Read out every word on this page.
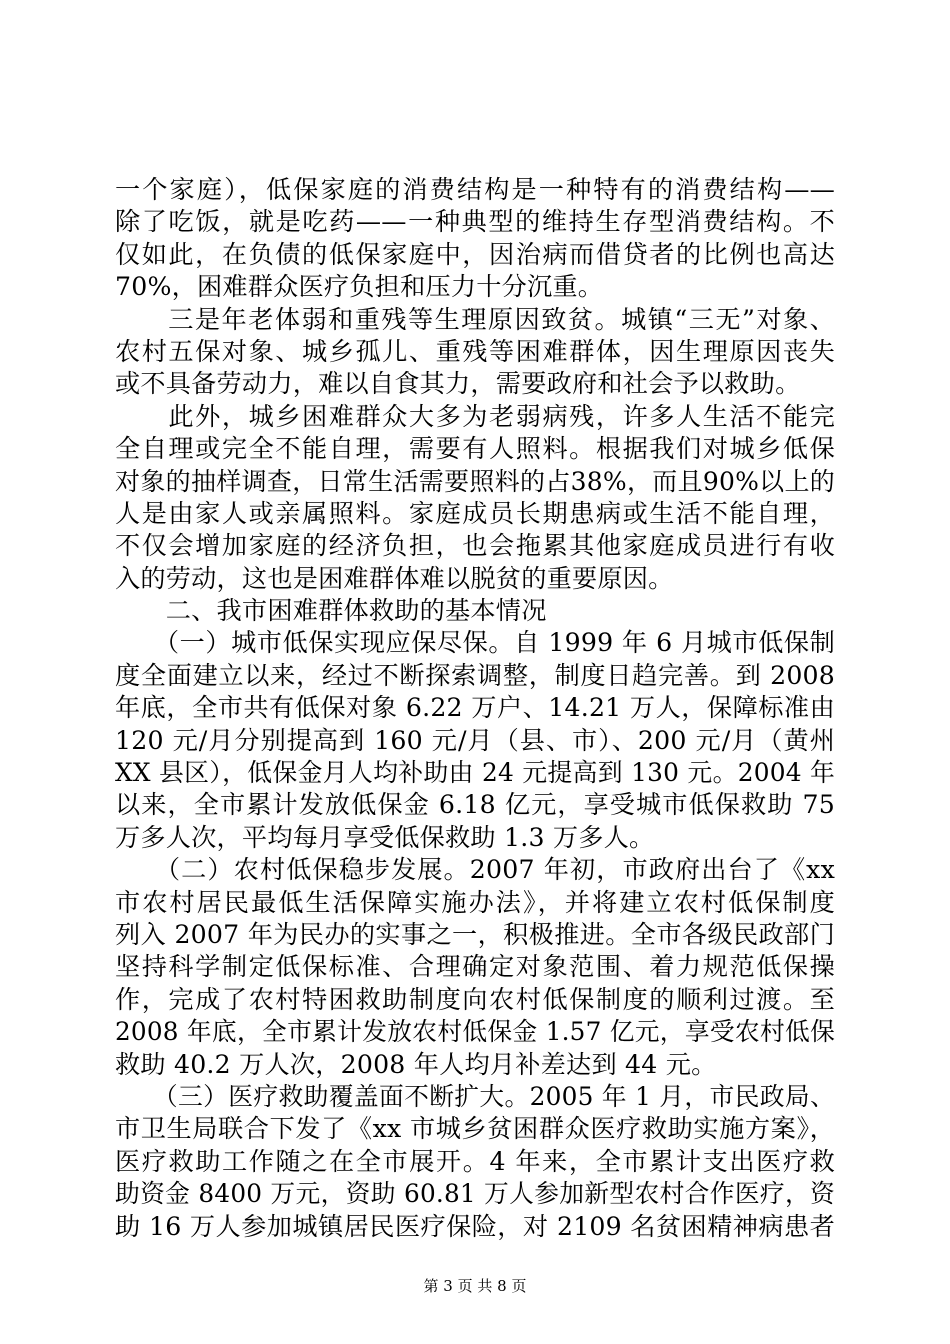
一个家庭），低保家庭的消费结构是一种特有的消费结构——
除了吃饭，就是吃药——一种典型的维持生存型消费结构。不
仅如此，在负债的低保家庭中，因治病而借贷者的比例也高达
70%，困难群众医疗负担和压力十分沉重。
　　三是年老体弱和重残等生理原因致贫。城镇“三无”对象、
农村五保对象、城乡孤儿、重残等困难群体，因生理原因丧失
或不具备劳动力，难以自食其力，需要政府和社会予以救助。
　　此外，城乡困难群众大多为老弱病残，许多人生活不能完
全自理或完全不能自理，需要有人照料。根据我们对城乡低保
对象的抽样调查，日常生活需要照料的占38%，而且90%以上的
人是由家人或亲属照料。家庭成员长期患病或生活不能自理，
不仅会增加家庭的经济负担，也会拖累其他家庭成员进行有收
入的劳动，这也是困难群体难以脱贫的重要原因。
　　二、我市困难群体救助的基本情况
　　（一）城市低保实现应保尽保。自 1999 年 6 月城市低保制
度全面建立以来，经过不断探索调整，制度日趋完善。到 2008
年底，全市共有低保对象 6.22 万户、14.21 万人，保障标准由
120 元/月分别提高到 160 元/月（县、市）、200 元/月（黄州
XX 县区），低保金月人均补助由 24 元提高到 130 元。2004 年
以来，全市累计发放低保金 6.18 亿元，享受城市低保救助 75
万多人次，平均每月享受低保救助 1.3 万多人。
　　（二）农村低保稳步发展。2007 年初，市政府出台了《xx
市农村居民最低生活保障实施办法》，并将建立农村低保制度
列入 2007 年为民办的实事之一，积极推进。全市各级民政部门
坚持科学制定低保标准、合理确定对象范围、着力规范低保操
作，完成了农村特困救助制度向农村低保制度的顺利过渡。至
2008 年底，全市累计发放农村低保金 1.57 亿元，享受农村低保
救助 40.2 万人次，2008 年人均月补差达到 44 元。
　　（三）医疗救助覆盖面不断扩大。2005 年 1 月，市民政局、
市卫生局联合下发了《xx 市城乡贫困群众医疗救助实施方案》，
医疗救助工作随之在全市展开。4 年来，全市累计支出医疗救
助资金 8400 万元，资助 60.81 万人参加新型农村合作医疗，资
助 16 万人参加城镇居民医疗保险，对 2109 名贫困精神病患者
第 3 页 共 8 页
